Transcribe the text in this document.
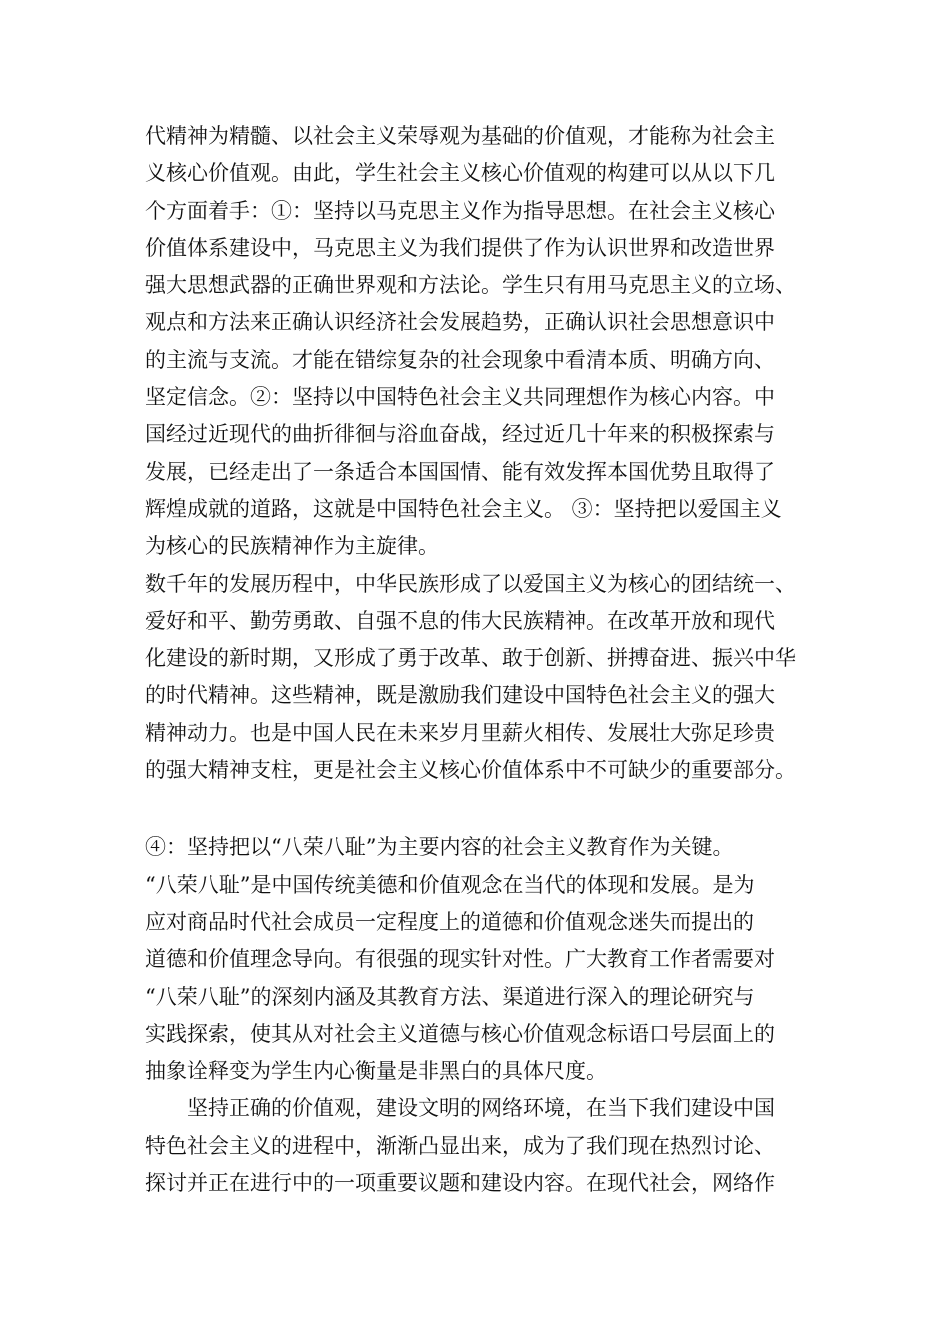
代精神为精髓、以社会主义荣辱观为基础的价值观，才能称为社会主
义核心价值观。由此，学生社会主义核心价值观的构建可以从以下几
个方面着手：①：坚持以马克思主义作为指导思想。在社会主义核心
价值体系建设中，马克思主义为我们提供了作为认识世界和改造世界
强大思想武器的正确世界观和方法论。学生只有用马克思主义的立场、
观点和方法来正确认识经济社会发展趋势，正确认识社会思想意识中
的主流与支流。才能在错综复杂的社会现象中看清本质、明确方向、
坚定信念。②：坚持以中国特色社会主义共同理想作为核心内容。中
国经过近现代的曲折徘徊与浴血奋战，经过近几十年来的积极探索与
发展，已经走出了一条适合本国国情、能有效发挥本国优势且取得了
辉煌成就的道路，这就是中国特色社会主义。 ③：坚持把以爱国主义
为核心的民族精神作为主旋律。
数千年的发展历程中，中华民族形成了以爱国主义为核心的团结统一、
爱好和平、勤劳勇敢、自强不息的伟大民族精神。在改革开放和现代
化建设的新时期，又形成了勇于改革、敢于创新、拼搏奋进、振兴中华
的时代精神。这些精神，既是激励我们建设中国特色社会主义的强大
精神动力。也是中国人民在未来岁月里薪火相传、发展壮大弥足珍贵
的强大精神支柱，更是社会主义核心价值体系中不可缺少的重要部分。
④：坚持把以“八荣八耻”为主要内容的社会主义教育作为关键。
“八荣八耻”是中国传统美德和价值观念在当代的体现和发展。是为
应对商品时代社会成员一定程度上的道德和价值观念迷失而提出的
道德和价值理念导向。有很强的现实针对性。广大教育工作者需要对
“八荣八耻”的深刻内涵及其教育方法、渠道进行深入的理论研究与
实践探索，使其从对社会主义道德与核心价值观念标语口号层面上的
抽象诠释变为学生内心衡量是非黑白的具体尺度。
坚持正确的价值观，建设文明的网络环境，在当下我们建设中国
特色社会主义的进程中，渐渐凸显出来，成为了我们现在热烈讨论、
探讨并正在进行中的一项重要议题和建设内容。在现代社会，网络作
